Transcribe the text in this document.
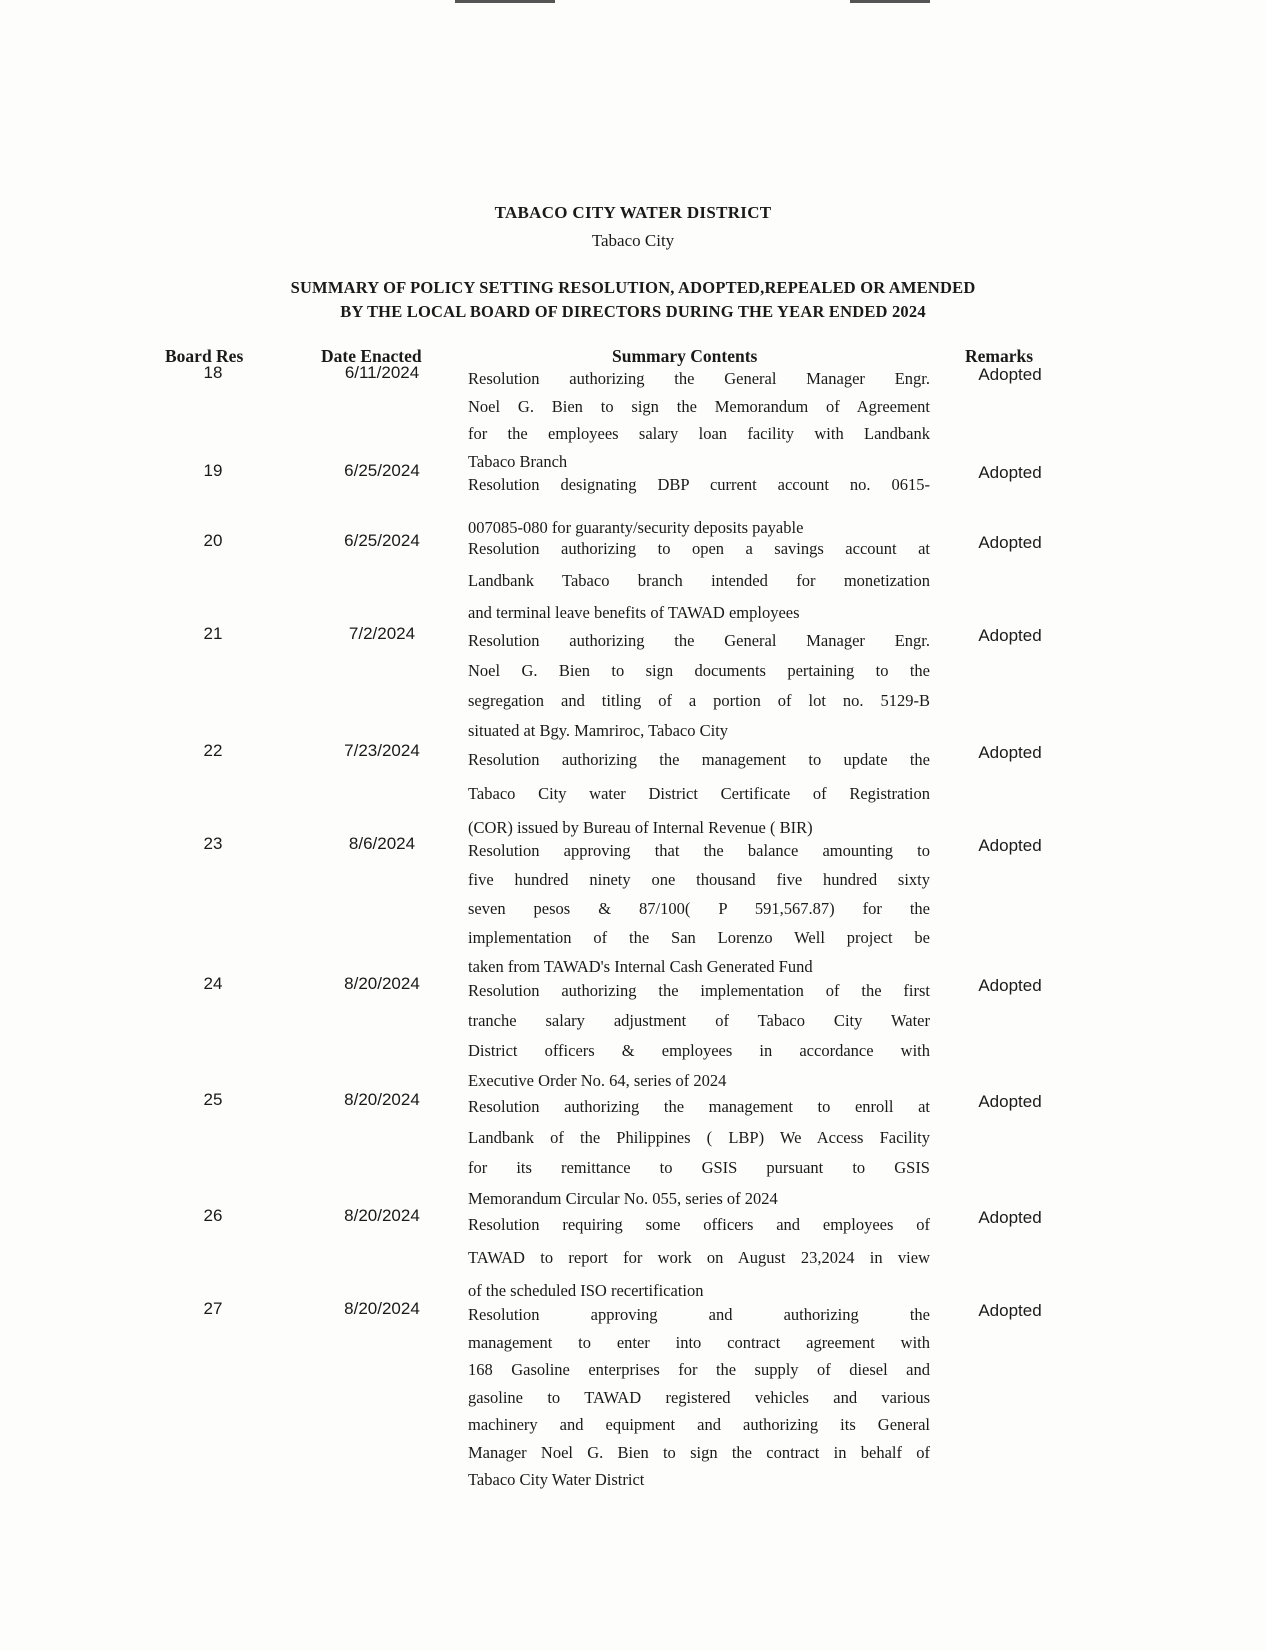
TABACO CITY WATER DISTRICT
Tabaco City
SUMMARY OF POLICY SETTING RESOLUTION, ADOPTED,REPEALED OR AMENDED
BY THE LOCAL BOARD OF DIRECTORS DURING THE YEAR ENDED 2024
Board Res	Date Enacted	Summary Contents	Remarks
18	6/11/2024	Resolution authorizing the General Manager Engr.
Noel G. Bien to sign the Memorandum of Agreement
for the employees salary loan facility with Landbank
Tabaco Branch
Adopted
19	6/25/2024
Resolution designating DBP current account no. 0615-
007085-080 for guaranty/security deposits payable
Adopted
20	6/25/2024	Resolution authorizing to open a savings account at
Landbank Tabaco branch intended for monetization
and terminal leave benefits of TAWAD employees
Adopted
21	7/2/2024	Resolution authorizing the General Manager Engr.
Noel G. Bien to sign documents pertaining to the
segregation and titling of a portion of lot no. 5129-B
situated at Bgy. Mamriroc, Tabaco City
Adopted
22	7/23/2024	Resolution authorizing the management to update the
Tabaco City water District Certificate of Registration
(COR) issued by Bureau of Internal Revenue ( BIR)
Adopted
23	8/6/2024	Resolution approving that the balance amounting to
five hundred ninety one thousand five hundred sixty
seven pesos & 87/100( P 591,567.87) for the
implementation of the San Lorenzo Well project be
taken from TAWAD's Internal Cash Generated Fund
Adopted
24	8/20/2024	Resolution authorizing the implementation of the first
tranche salary adjustment of Tabaco City Water
District officers & employees in accordance with
Executive Order No. 64, series of 2024
Adopted
25	8/20/2024	Resolution authorizing the management to enroll at
Landbank of the Philippines ( LBP) We Access Facility
for its remittance to GSIS pursuant to GSIS
Memorandum Circular No. 055, series of 2024
Adopted
26	8/20/2024	Resolution requiring some officers and employees of
TAWAD to report for work on August 23,2024 in view
of the scheduled ISO recertification
Adopted
27	8/20/2024	Resolution approving and authorizing the
management to enter into contract agreement with
168 Gasoline enterprises for the supply of diesel and
gasoline to TAWAD registered vehicles and various
machinery and equipment and authorizing its General
Manager Noel G. Bien to sign the contract in behalf of
Tabaco City Water District
Adopted
